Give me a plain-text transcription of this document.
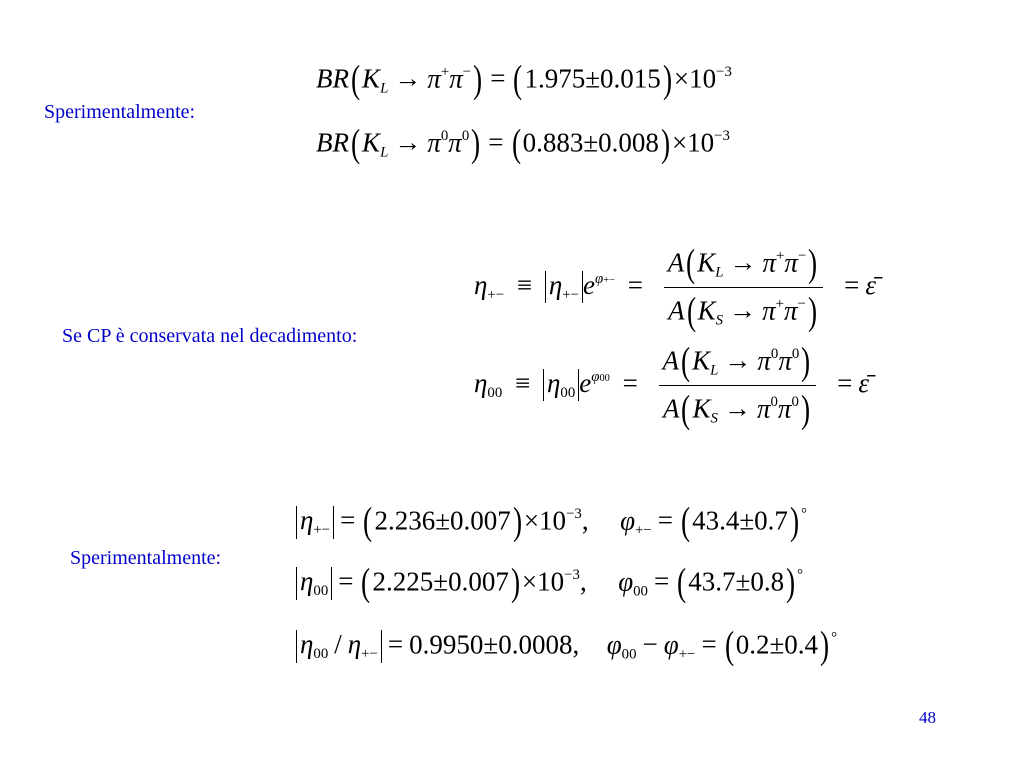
Sperimentalmente:
Se CP è conservata nel decadimento:
Sperimentalmente:
$BR(K_L \to \pi^+\pi^-) = (1.975\pm 0.015)\times 10^{-3}$
$BR(K_L \to \pi^0\pi^0) = (0.883\pm 0.008)\times 10^{-3}$
$\eta_{+-} \equiv \eta_{+-}$ $e^{\varphi+-} = \frac{A(K_L \to \pi^+\pi^-)}{A(K_S \to \pi^+\pi^-)}$ = ε̄
$\eta_{00} \equiv \eta_{00}$ $e^{\varphi 00} = \frac{A(K_L \to \pi^0\pi^0)}{A(K_S \to \pi^0\pi^0)}$ = ε̄
$\eta_{+-} = (2.236\pm 0.007)\times 10^{-3}$, $\varphi_{+-} = (43.4\pm 0.7)$ °
$\eta_{00} = (2.225\pm 0.007)\times 10^{-3}$, $\varphi_{00} = (43.7\pm 0.8)$ °
$\eta_{00} / \eta_{+-} = 0.9950\pm 0.0008$, $\varphi_{00} - \varphi_{+-} = (0.2\pm 0.4)$ °
48
